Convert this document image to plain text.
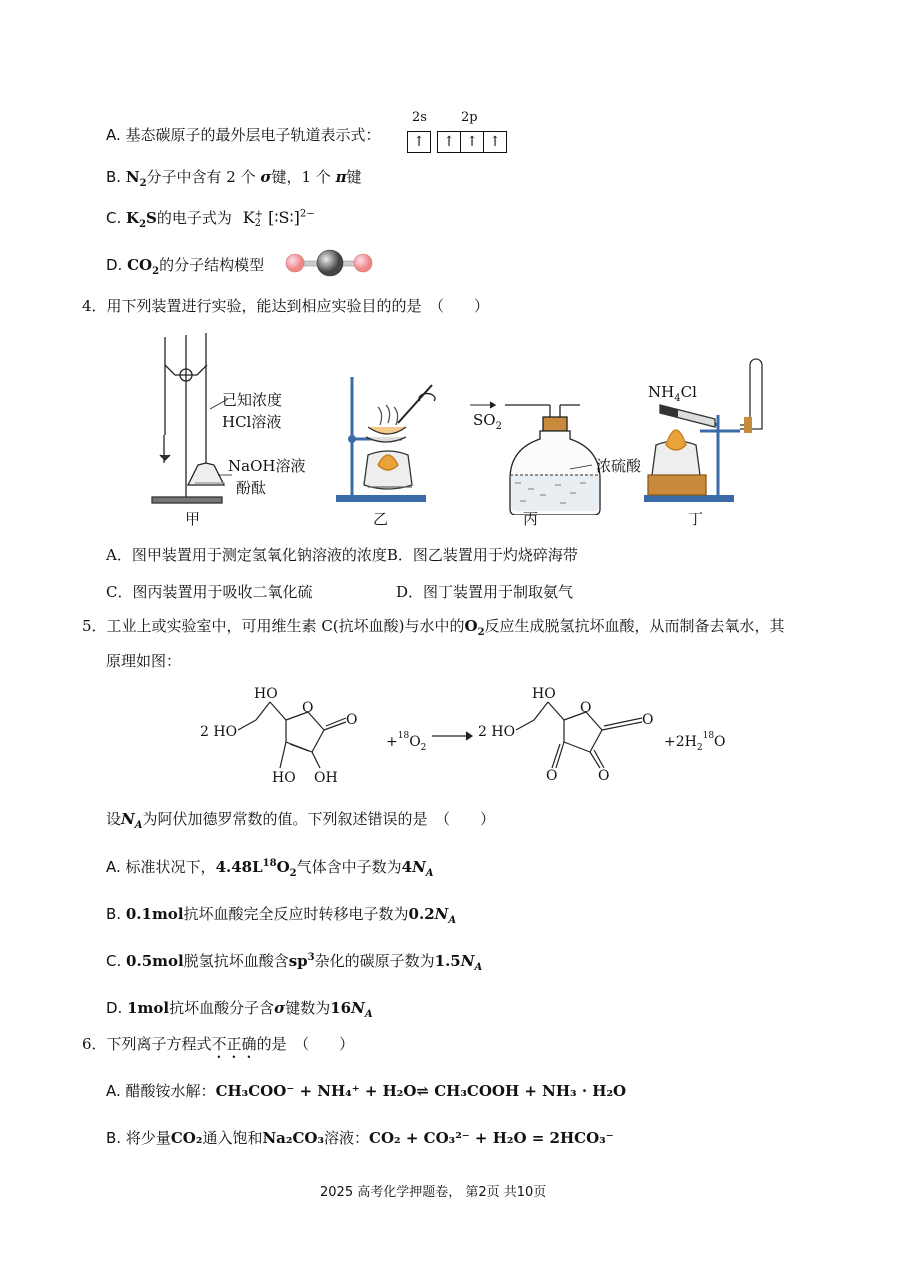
A. 基态碳原子的最外层电子轨道表示式：
2s	2p
↑	↑ ↑ ↑
B. $N_2$分子中含有 2 个 σ键，1 个 π键
C. $K_2S$的电子式为 K+
2 [∶S∶]$^{2-}$
D. $CO_2$的分子结构模型
4．用下列装置进行实验，能达到相应实验目的的是　（　　）
已知浓度
HCl溶液
NaOH溶液
酚酞
$SO_2$
浓硫酸
$NH_4Cl$
甲	乙	丙	丁
A．图甲装置用于测定氢氧化钠溶液的浓度B．图乙装置用于灼烧碎海带
C．图丙装置用于吸收二氧化硫	D．图丁装置用于制取氨气
5．工业上或实验室中，可用维生素 C(抗坏血酸)与水中的$O_2$反应生成脱氢抗坏血酸，从而制备去氧水，其
原理如图：
HO
2 HO
O
O
HO OH
$+^{18}O_2$
HO
2 HO
O
O
O	O
$+2H_2^{18}O$
设$N_A$为阿伏加德罗常数的值。下列叙述错误的是　（　　）
A. 标准状况下，$4.48L^{18}O_2$气体含中子数为$4N_A$
B. 0.1mol抗坏血酸完全反应时转移电子数为$0.2N_A$
C. 0.5mol脱氢抗坏血酸含$sp^3$杂化的碳原子数为$1.5N_A$
D. 1mol抗坏血酸分子含σ键数为$16N_A$
6．下列离子方程式不正确的是　（　　）
A. 醋酸铵水解：CH₃COO⁻ + NH₄⁺ + H₂O⇌ CH₃COOH + NH₃ · H₂O
B. 将少量CO₂通入饱和Na₂CO₃溶液：CO₂ + CO₃²⁻ + H₂O = 2HCO₃⁻
2025 高考化学押题卷， 第2页 共10页
